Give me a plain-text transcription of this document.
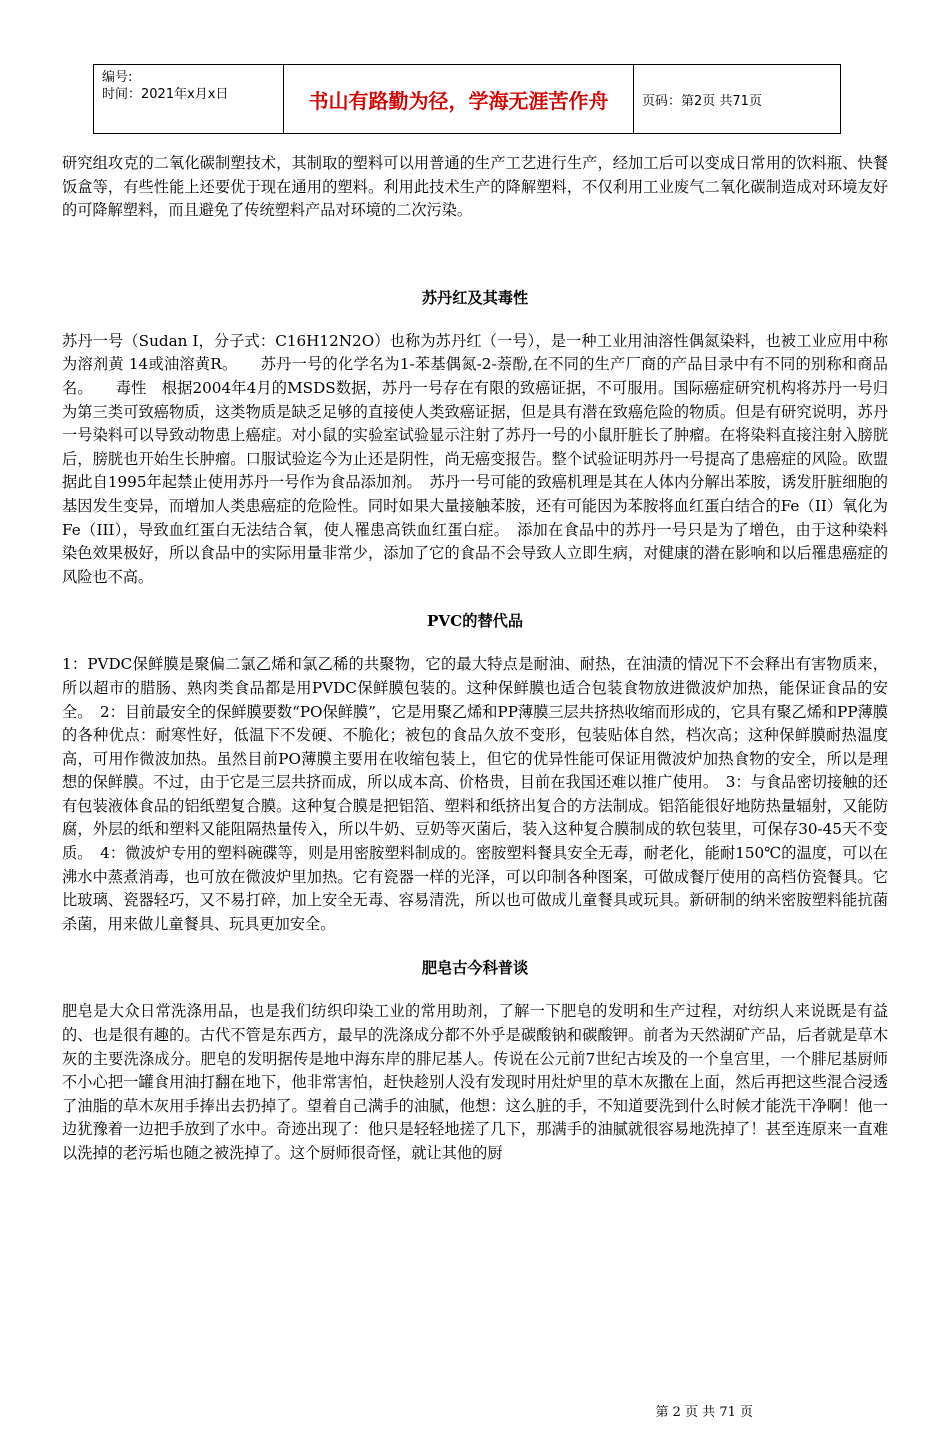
编号:
时间：2021年x月x日	书山有路勤为径，学海无涯苦作舟	页码：第2页 共71页

研究组攻克的二氧化碳制塑技术，其制取的塑料可以用普通的生产工艺进行生产，经加工后可以变成日常用的饮料瓶、快餐饭盒等，有些性能上还要优于现在通用的塑料。利用此技术生产的降解塑料，不仅利用工业废气二氧化碳制造成对环境友好的可降解塑料，而且避免了传统塑料产品对环境的二次污染。

苏丹红及其毒性

苏丹一号（Sudan I，分子式：C16H12N2O）也称为苏丹红（一号），是一种工业用油溶性偶氮染料，也被工业应用中称为溶剂黄 14或油溶黄R。　　苏丹一号的化学名为1-苯基偶氮-2-萘酚,在不同的生产厂商的产品目录中有不同的别称和商品名。　　毒性　根据2004年4月的MSDS数据，苏丹一号存在有限的致癌证据，不可服用。国际癌症研究机构将苏丹一号归为第三类可致癌物质，这类物质是缺乏足够的直接使人类致癌证据，但是具有潜在致癌危险的物质。但是有研究说明，苏丹一号染料可以导致动物患上癌症。对小鼠的实验室试验显示注射了苏丹一号的小鼠肝脏长了肿瘤。在将染料直接注射入膀胱后，膀胱也开始生长肿瘤。口服试验迄今为止还是阴性，尚无癌变报告。整个试验证明苏丹一号提高了患癌症的风险。欧盟据此自1995年起禁止使用苏丹一号作为食品添加剂。　苏丹一号可能的致癌机理是其在人体内分解出苯胺，诱发肝脏细胞的基因发生变异，而增加人类患癌症的危险性。同时如果大量接触苯胺，还有可能因为苯胺将血红蛋白结合的Fe（II）氧化为Fe（III），导致血红蛋白无法结合氧，使人罹患高铁血红蛋白症。　添加在食品中的苏丹一号只是为了增色，由于这种染料染色效果极好，所以食品中的实际用量非常少，添加了它的食品不会导致人立即生病，对健康的潜在影响和以后罹患癌症的风险也不高。

PVC的替代品

1：PVDC保鲜膜是聚偏二氯乙烯和氯乙稀的共聚物，它的最大特点是耐油、耐热，在油渍的情况下不会释出有害物质来，所以超市的腊肠、熟肉类食品都是用PVDC保鲜膜包装的。这种保鲜膜也适合包装食物放进微波炉加热，能保证食品的安全。　2：目前最安全的保鲜膜要数“PO保鲜膜”，它是用聚乙烯和PP薄膜三层共挤热收缩而形成的，它具有聚乙烯和PP薄膜的各种优点：耐寒性好，低温下不发硬、不脆化；被包的食品久放不变形，包装贴体自然，档次高；这种保鲜膜耐热温度高，可用作微波加热。虽然目前PO薄膜主要用在收缩包装上，但它的优异性能可保证用微波炉加热食物的安全，所以是理想的保鲜膜。不过，由于它是三层共挤而成，所以成本高、价格贵，目前在我国还难以推广使用。　3：与食品密切接触的还有包装液体食品的铝纸塑复合膜。这种复合膜是把铝箔、塑料和纸挤出复合的方法制成。铝箔能很好地防热量辐射，又能防腐，外层的纸和塑料又能阻隔热量传入，所以牛奶、豆奶等灭菌后，装入这种复合膜制成的软包装里，可保存30-45天不变质。　4：微波炉专用的塑料碗碟等，则是用密胺塑料制成的。密胺塑料餐具安全无毒，耐老化，能耐150℃的温度，可以在沸水中蒸煮消毒，也可放在微波炉里加热。它有瓷器一样的光泽，可以印制各种图案，可做成餐厅使用的高档仿瓷餐具。它比玻璃、瓷器轻巧，又不易打碎，加上安全无毒、容易清洗，所以也可做成儿童餐具或玩具。新研制的纳米密胺塑料能抗菌杀菌，用来做儿童餐具、玩具更加安全。

肥皂古今科普谈

肥皂是大众日常洗涤用品，也是我们纺织印染工业的常用助剂，了解一下肥皂的发明和生产过程，对纺织人来说既是有益的、也是很有趣的。古代不管是东西方，最早的洗涤成分都不外乎是碳酸钠和碳酸钾。前者为天然湖矿产品，后者就是草木灰的主要洗涤成分。肥皂的发明据传是地中海东岸的腓尼基人。传说在公元前7世纪古埃及的一个皇宫里，一个腓尼基厨师不小心把一罐食用油打翻在地下，他非常害怕，赶快趁别人没有发现时用灶炉里的草木灰撒在上面，然后再把这些混合浸透了油脂的草木灰用手捧出去扔掉了。望着自己满手的油腻，他想：这么脏的手，不知道要洗到什么时候才能洗干净啊！他一边犹豫着一边把手放到了水中。奇迹出现了：他只是轻轻地搓了几下，那满手的油腻就很容易地洗掉了！甚至连原来一直难以洗掉的老污垢也随之被洗掉了。这个厨师很奇怪，就让其他的厨

第 2 页 共 71 页
